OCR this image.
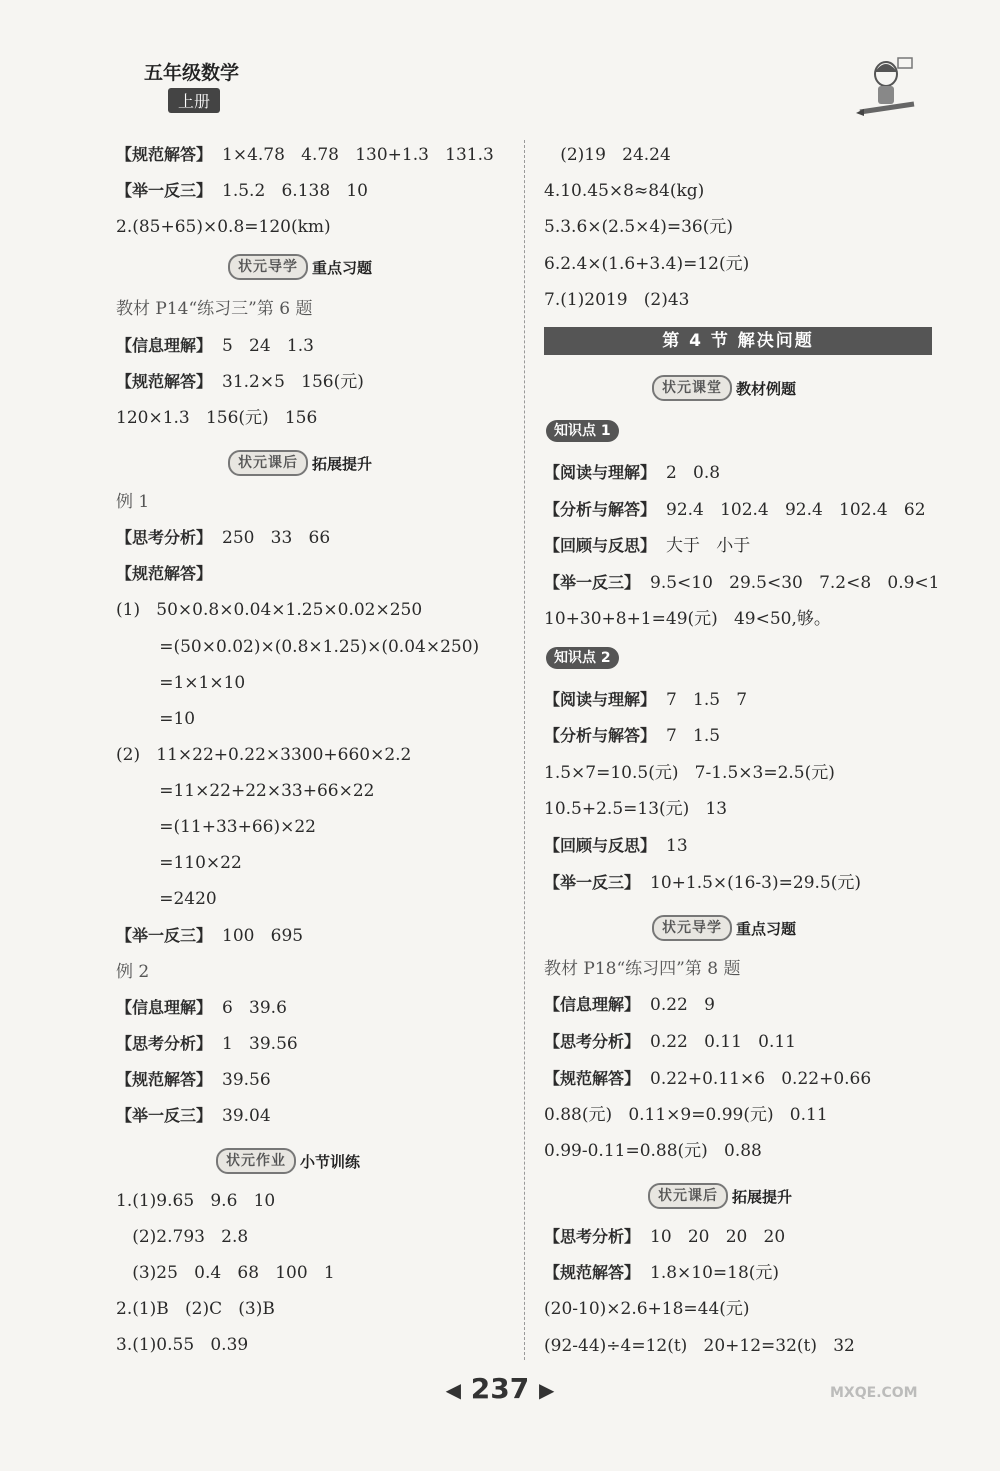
五年级数学
上册
【规范解答】 1×4.78   4.78   130+1.3   131.3
【举一反三】 1.5.2   6.138   10
2.(85+65)×0.8=120(km)
状元导学 重点习题
教材 P14“练习三”第 6 题
【信息理解】 5   24   1.3
【规范解答】 31.2×5   156(元)
120×1.3   156(元)   156
状元课后 拓展提升
例 1
【思考分析】 250   33   66
【规范解答】
(1)   50×0.8×0.04×1.25×0.02×250
=(50×0.02)×(0.8×1.25)×(0.04×250)
=1×1×10
=10
(2)   11×22+0.22×3300+660×2.2
=11×22+22×33+66×22
=(11+33+66)×22
=110×22
=2420
【举一反三】 100   695
例 2
【信息理解】 6   39.6
【思考分析】 1   39.56
【规范解答】 39.56
【举一反三】 39.04
状元作业 小节训练
1.(1)9.65   9.6   10
(2)2.793   2.8
(3)25   0.4   68   100   1
2.(1)B   (2)C   (3)B
3.(1)0.55   0.39
(2)19   24.24
4.10.45×8≈84(kg)
5.3.6×(2.5×4)=36(元)
6.2.4×(1.6+3.4)=12(元)
7.(1)2019   (2)43
第 4 节 解决问题
状元课堂 教材例题
知识点 1
【阅读与理解】 2   0.8
【分析与解答】 92.4   102.4   92.4   102.4   62
【回顾与反思】 大于   小于
【举一反三】 9.5<10   29.5<30   7.2<8   0.9<1
10+30+8+1=49(元)   49<50,够。
知识点 2
【阅读与理解】 7   1.5   7
【分析与解答】 7   1.5
1.5×7=10.5(元)   7-1.5×3=2.5(元)
10.5+2.5=13(元)   13
【回顾与反思】 13
【举一反三】 10+1.5×(16-3)=29.5(元)
状元导学 重点习题
教材 P18“练习四”第 8 题
【信息理解】 0.22   9
【思考分析】 0.22   0.11   0.11
【规范解答】 0.22+0.11×6   0.22+0.66
0.88(元)   0.11×9=0.99(元)   0.11
0.99-0.11=0.88(元)   0.88
状元课后 拓展提升
【思考分析】 10   20   20   20
【规范解答】 1.8×10=18(元)
(20-10)×2.6+18=44(元)
(92-44)÷4=12(t)   20+12=32(t)   32
◀ 237 ▶	MXQE.COM
